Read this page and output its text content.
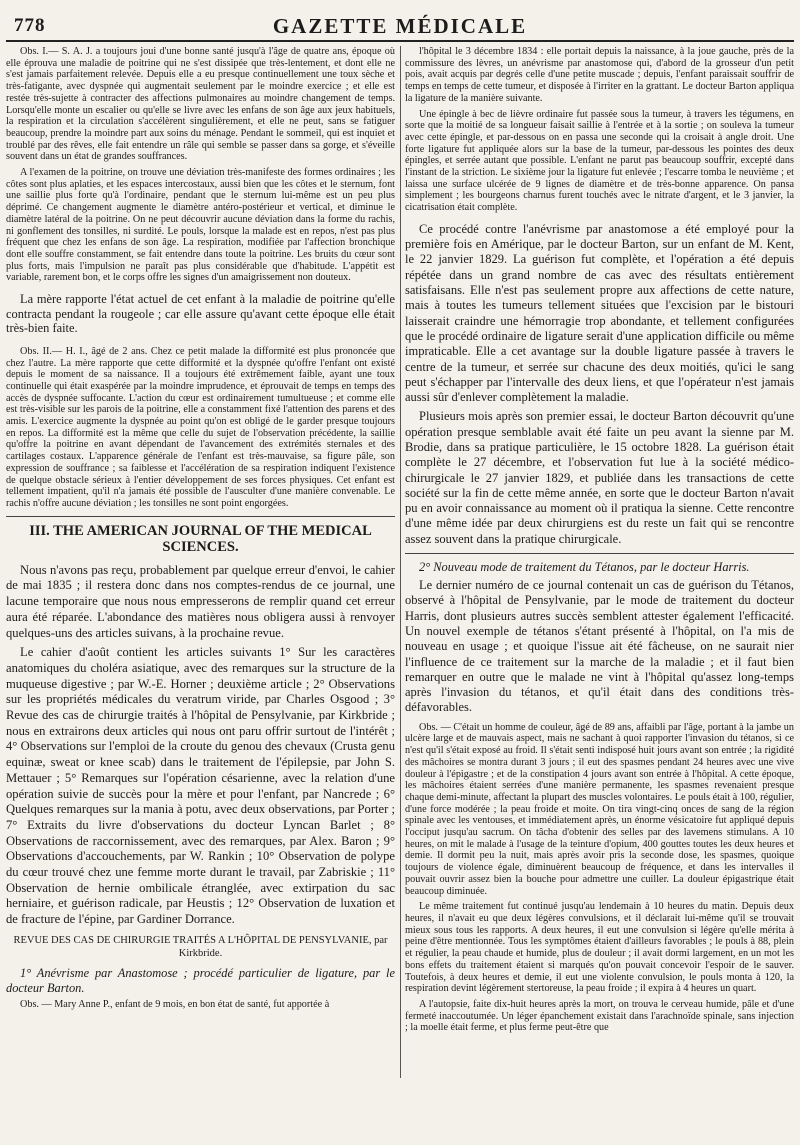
778	GAZETTE MÉDICALE

Obs. I.— S. A. J. a toujours joui d'une bonne santé jusqu'à l'âge de quatre ans, époque où elle éprouva une maladie de poitrine qui ne s'est dissipée que très-lentement, et dont elle ne s'est jamais parfaitement relevée. Depuis elle a eu presque continuellement une toux sèche et très-fatigante, avec dyspnée qui augmentait seulement par le moindre exercice ; et elle est restée très-sujette à contracter des affections pulmonaires au moindre changement de temps. Lorsqu'elle monte un escalier ou qu'elle se livre avec les enfans de son âge aux jeux habituels, la respiration et la circulation s'accélèrent singulièrement, et elle ne peut, sans se fatiguer beaucoup, prendre la moindre part aux soins du ménage. Pendant le sommeil, qui est inquiet et troublé par des rêves, elle fait entendre un râle qui semble se passer dans sa gorge, et s'éveille souvent dans un état de grandes souffrances.

A l'examen de la poitrine, on trouve une déviation très-manifeste des formes ordinaires ; les côtes sont plus aplaties, et les espaces intercostaux, aussi bien que les côtes et le sternum, font une saillie plus forte qu'à l'ordinaire, pendant que le sternum lui-même est un peu plus déprimé. Ce changement augmente le diamètre antéro-postérieur et vertical, et diminue le diamètre latéral de la poitrine. On ne peut découvrir aucune déviation dans la forme du rachis, ni gonflement des tonsilles, ni surdité. Le pouls, lorsque la malade est en repos, n'est pas plus fréquent que chez les enfans de son âge. La respiration, modifiée par l'affection bronchique dont elle souffre constamment, se fait entendre dans toute la poitrine. Les bruits du cœur sont plus forts, mais l'impulsion ne paraît pas plus considérable que d'habitude. L'appétit est variable, rarement bon, et le corps offre les signes d'un amaigrissement non douteux.

La mère rapporte l'état actuel de cet enfant à la maladie de poitrine qu'elle contracta pendant la rougeole ; car elle assure qu'avant cette époque elle était très-bien faite.

Obs. II.— H. I., âgé de 2 ans. Chez ce petit malade la difformité est plus prononcée que chez l'autre. La mère rapporte que cette difformité et la dyspnée qu'offre l'enfant ont existé depuis le moment de sa naissance. Il a toujours été extrêmement faible, ayant une toux continuelle qui était exaspérée par la moindre imprudence, et éprouvait de temps en temps des accès de dyspnée suffocante. L'action du cœur est ordinairement tumultueuse ; et comme elle est très-visible sur les parois de la poitrine, elle a constamment fixé l'attention des parens et des amis. L'exercice augmente la dyspnée au point qu'on est obligé de le garder presque toujours en repos. La difformité est la même que celle du sujet de l'observation précédente, la saillie qu'offre la poitrine en avant dépendant de l'avancement des extrémités sternales et des cartilages costaux. L'apparence générale de l'enfant est très-mauvaise, sa figure pâle, son expression de souffrance ; sa faiblesse et l'accélération de sa respiration indiquent l'existence de quelque obstacle sérieux à l'entier développement de ses forces physiques. Cet enfant est tellement impatient, qu'il n'a jamais été possible de l'ausculter d'une manière convenable. Le rachis n'offre aucune déviation ; les tonsilles ne sont point engorgées.

III. THE AMERICAN JOURNAL OF THE MEDICAL SCIENCES.

Nous n'avons pas reçu, probablement par quelque erreur d'envoi, le cahier de mai 1835 ; il restera donc dans nos comptes-rendus de ce journal, une lacune temporaire que nous nous empresserons de remplir quand cet erreur aura été réparée. L'abondance des matières nous obligera aussi à renvoyer quelques-uns des articles suivans, à la prochaine revue.

Le cahier d'août contient les articles suivants 1° Sur les caractères anatomiques du choléra asiatique, avec des remarques sur la structure de la muqueuse digestive ; par W.-E. Horner ; deuxième article ; 2° Observations sur les propriétés médicales du veratrum viride, par Charles Osgood ; 3° Revue des cas de chirurgie traités à l'hôpital de Pensylvanie, par Kirkbride ; nous en extrairons deux articles qui nous ont paru offrir surtout de l'intérêt ; 4° Observations sur l'emploi de la croute du genou des chevaux (Crusta genu equinæ, sweat or knee scab) dans le traitement de l'épilepsie, par John S. Mettauer ; 5° Remarques sur l'opération césarienne, avec la relation d'une opération suivie de succès pour la mère et pour l'enfant, par Nancrede ; 6° Quelques remarques sur la mania à potu, avec deux observations, par Porter ; 7° Extraits du livre d'observations du docteur Lyncan Barlet ; 8° Observations de raccornissement, avec des remarques, par Alex. Baron ; 9° Observations d'accouchements, par W. Rankin ; 10° Observation de polype du cœur trouvé chez une femme morte durant le travail, par Zabriskie ; 11° Observation de hernie ombilicale étranglée, avec extirpation du sac herniaire, et guérison radicale, par Heustis ; 12° Observation de luxation et de fracture de l'épine, par Gardiner Dorrance.

REVUE DES CAS DE CHIRURGIE TRAITÉS A L'HÔPITAL DE PENSYLVANIE, par Kirkbride.

1° Anévrisme par Anastomose ; procédé particulier de ligature, par le docteur Barton.

Obs. — Mary Anne P., enfant de 9 mois, en bon état de santé, fut apportée à

l'hôpital le 3 décembre 1834 : elle portait depuis la naissance, à la joue gauche, près de la commissure des lèvres, un anévrisme par anastomose qui, d'abord de la grosseur d'un petit pois, avait acquis par degrés celle d'une petite muscade ; depuis, l'enfant paraissait souffrir de temps en temps de cette tumeur, et disposée à l'irriter en la grattant. Le docteur Barton appliqua la ligature de la manière suivante.

Une épingle à bec de lièvre ordinaire fut passée sous la tumeur, à travers les tégumens, en sorte que la moitié de sa longueur faisait saillie à l'entrée et à la sortie ; on souleva la tumeur avec cette épingle, et par-dessous on en passa une seconde qui la croisait à angle droit. Une forte ligature fut appliquée alors sur la base de la tumeur, par-dessous les pointes des deux épingles, et serrée autant que possible. L'enfant ne parut pas beaucoup souffrir, excepté dans l'instant de la striction. Le sixième jour la ligature fut enlevée ; l'escarre tomba le neuvième ; et laissa une surface ulcérée de 9 lignes de diamètre et de très-bonne apparence. On pansa simplement ; les bourgeons charnus furent touchés avec le nitrate d'argent, et le 3 janvier, la cicatrisation était complète.

Ce procédé contre l'anévrisme par anastomose a été employé pour la première fois en Amérique, par le docteur Barton, sur un enfant de M. Kent, le 22 janvier 1829. La guérison fut complète, et l'opération a été depuis répétée dans un grand nombre de cas avec des résultats entièrement satisfaisans. Elle n'est pas seulement propre aux affections de cette nature, mais à toutes les tumeurs tellement situées que l'excision par le bistouri laisserait craindre une hémorragie trop abondante, et tellement configurées que le procédé ordinaire de ligature serait d'une application difficile ou même impraticable. Elle a cet avantage sur la double ligature passée à travers le centre de la tumeur, et serrée sur chacune des deux moitiés, qu'ici le sang peut s'échapper par l'intervalle des deux liens, et que l'opérateur n'est jamais aussi sûr d'enlever complètement la maladie.

Plusieurs mois après son premier essai, le docteur Barton découvrit qu'une opération presque semblable avait été faite un peu avant la sienne par M. Brodie, dans sa pratique particulière, le 15 octobre 1828. La guérison était complète le 27 décembre, et l'observation fut lue à la société médico-chirurgicale le 27 janvier 1829, et publiée dans les transactions de cette société sur la fin de cette même année, en sorte que le docteur Barton n'avait pu en avoir connaissance au moment où il pratiqua la sienne. Cette rencontre d'une même idée par deux chirurgiens est du reste un fait qui se rencontre assez souvent dans la pratique chirurgicale.

2° Nouveau mode de traitement du Tétanos, par le docteur Harris.

Le dernier numéro de ce journal contenait un cas de guérison du Tétanos, observé à l'hôpital de Pensylvanie, par le mode de traitement du docteur Harris, dont plusieurs autres succès semblent attester également l'efficacité. Un nouvel exemple de tétanos s'étant présenté à l'hôpital, on l'a mis de nouveau en usage ; et quoique l'issue ait été fâcheuse, on ne saurait nier l'influence de ce traitement sur la marche de la maladie ; et il faut bien remarquer en outre que le malade ne vint à l'hôpital qu'assez long-temps après l'invasion du tétanos, et qu'il était dans des conditions très-défavorables.

Obs. — C'était un homme de couleur, âgé de 89 ans, affaibli par l'âge, portant à la jambe un ulcère large et de mauvais aspect, mais ne sachant à quoi rapporter l'invasion du tétanos, si ce n'est qu'il s'était exposé au froid. Il s'était senti indisposé huit jours avant son entrée ; la rigidité des mâchoires se montra durant 3 jours ; il eut des spasmes pendant 24 heures avec une vive douleur à l'épigastre ; et de la constipation 4 jours avant son entrée à l'hôpital. A cette époque, les mâchoires étaient serrées d'une manière permanente, les spasmes revenaient presque chaque demi-minute, affectant la plupart des muscles volontaires. Le pouls était à 100, régulier, d'une force modérée ; la peau froide et moite. On tira vingt-cinq onces de sang de la région spinale avec les ventouses, et immédiatement après, un énorme vésicatoire fut appliqué depuis l'occiput jusqu'au sacrum. On tâcha d'obtenir des selles par des lavemens stimulans. A 10 heures, on mit le malade à l'usage de la teinture d'opium, 400 gouttes toutes les deux heures et demie. Il dormit peu la nuit, mais après avoir pris la seconde dose, les spasmes, quoique toujours de violence égale, diminuèrent beaucoup de fréquence, et dans les intervalles il pouvait ouvrir assez bien la bouche pour admettre une cuiller. La douleur épigastrique était beaucoup diminuée.

Le même traitement fut continué jusqu'au lendemain à 10 heures du matin. Depuis deux heures, il n'avait eu que deux légères convulsions, et il déclarait lui-même qu'il se trouvait mieux sous tous les rapports. A deux heures, il eut une convulsion si légère qu'elle mérita à peine d'être mentionnée. Tous les symptômes étaient d'ailleurs favorables ; le pouls à 88, plein et régulier, la peau chaude et humide, plus de douleur ; il avait dormi largement, en un mot les bons effets du traitement étaient si marqués qu'on pouvait concevoir l'espoir de le sauver. Toutefois, à deux heures et demie, il eut une violente convulsion, le pouls monta à 120, la respiration devint légèrement stertoreuse, la peau froide ; il expira à 4 heures un quart.

A l'autopsie, faite dix-huit heures après la mort, on trouva le cerveau humide, pâle et d'une fermeté inaccoutumée. Un léger épanchement existait dans l'arachnoïde spinale, sans injection ; la moelle était ferme, et plus ferme peut-être que
